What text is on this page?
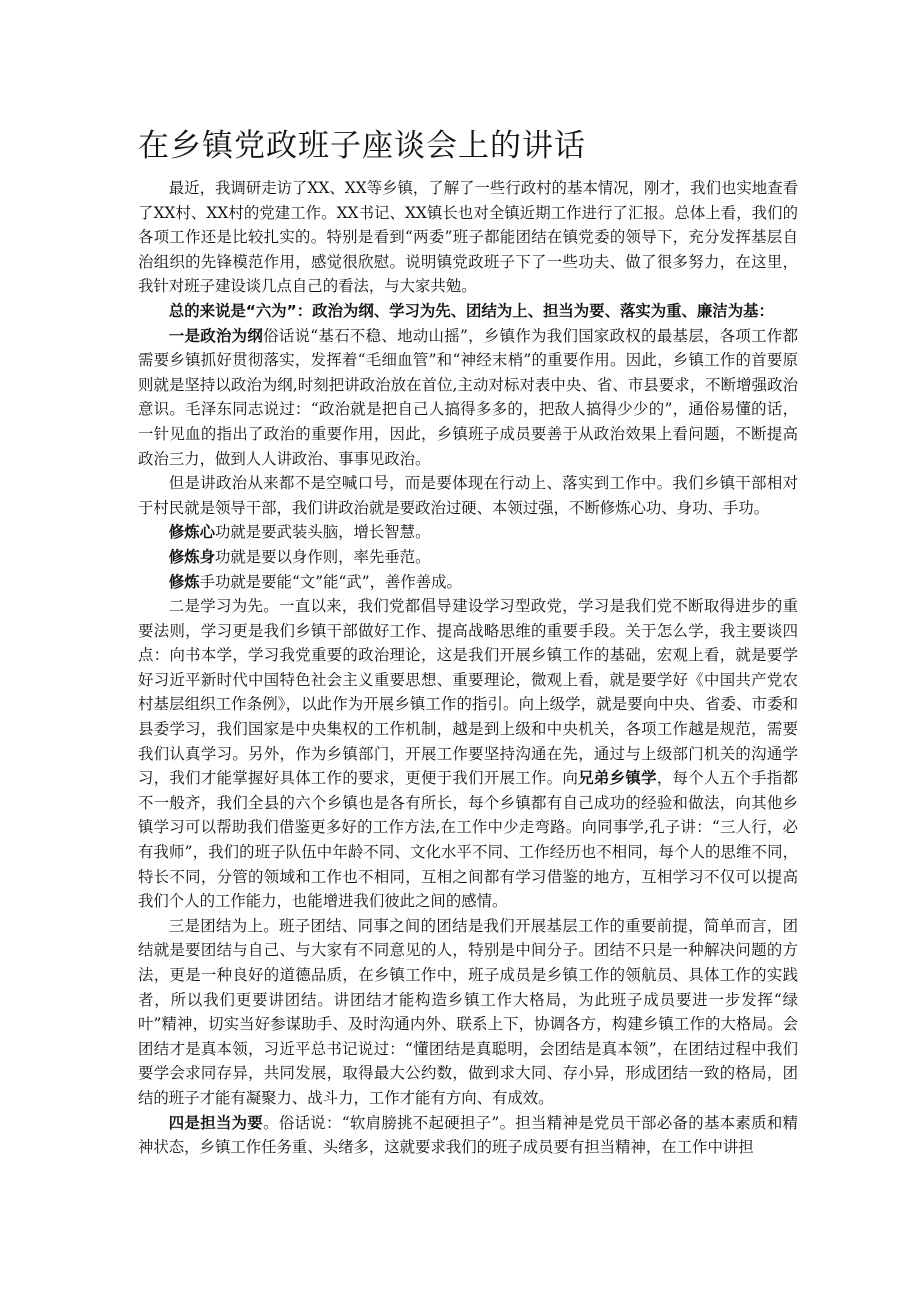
在乡镇党政班子座谈会上的讲话

最近，我调研走访了XX、XX等乡镇，了解了一些行政村的基本情况，刚才，我们也实地查看了XX村、XX村的党建工作。XX书记、XX镇长也对全镇近期工作进行了汇报。总体上看，我们的各项工作还是比较扎实的。特别是看到“两委”班子都能团结在镇党委的领导下，充分发挥基层自治组织的先锋模范作用，感觉很欣慰。说明镇党政班子下了一些功夫、做了很多努力，在这里，我针对班子建设谈几点自己的看法，与大家共勉。

总的来说是“六为”：政治为纲、学习为先、团结为上、担当为要、落实为重、廉洁为基：

一是政治为纲俗话说“基石不稳、地动山摇”，乡镇作为我们国家政权的最基层，各项工作都需要乡镇抓好贯彻落实，发挥着“毛细血管”和“神经末梢”的重要作用。因此，乡镇工作的首要原则就是坚持以政治为纲,时刻把讲政治放在首位,主动对标对表中央、省、市县要求，不断增强政治意识。毛泽东同志说过：“政治就是把自己人搞得多多的，把敌人搞得少少的”，通俗易懂的话，一针见血的指出了政治的重要作用，因此，乡镇班子成员要善于从政治效果上看问题，不断提高政治三力，做到人人讲政治、事事见政治。

但是讲政治从来都不是空喊口号，而是要体现在行动上、落实到工作中。我们乡镇干部相对于村民就是领导干部，我们讲政治就是要政治过硬、本领过强，不断修炼心功、身功、手功。

修炼心功就是要武装头脑，增长智慧。

修炼身功就是要以身作则，率先垂范。

修炼手功就是要能“文”能“武”，善作善成。

二是学习为先。一直以来，我们党都倡导建设学习型政党，学习是我们党不断取得进步的重要法则，学习更是我们乡镇干部做好工作、提高战略思维的重要手段。关于怎么学，我主要谈四点：向书本学，学习我党重要的政治理论，这是我们开展乡镇工作的基础，宏观上看，就是要学好习近平新时代中国特色社会主义重要思想、重要理论，微观上看，就是要学好《中国共产党农村基层组织工作条例》，以此作为开展乡镇工作的指引。向上级学，就是要向中央、省委、市委和县委学习，我们国家是中央集权的工作机制，越是到上级和中央机关，各项工作越是规范，需要我们认真学习。另外，作为乡镇部门，开展工作要坚持沟通在先，通过与上级部门机关的沟通学习，我们才能掌握好具体工作的要求，更便于我们开展工作。向兄弟乡镇学，每个人五个手指都不一般齐，我们全县的六个乡镇也是各有所长，每个乡镇都有自己成功的经验和做法，向其他乡镇学习可以帮助我们借鉴更多好的工作方法,在工作中少走弯路。向同事学,孔子讲：“三人行，必有我师”，我们的班子队伍中年龄不同、文化水平不同、工作经历也不相同，每个人的思维不同，特长不同，分管的领域和工作也不相同，互相之间都有学习借鉴的地方，互相学习不仅可以提高我们个人的工作能力，也能增进我们彼此之间的感情。

三是团结为上。班子团结、同事之间的团结是我们开展基层工作的重要前提，简单而言，团结就是要团结与自己、与大家有不同意见的人，特别是中间分子。团结不只是一种解决问题的方法，更是一种良好的道德品质，在乡镇工作中，班子成员是乡镇工作的领航员、具体工作的实践者，所以我们更要讲团结。讲团结才能构造乡镇工作大格局，为此班子成员要进一步发挥“绿叶”精神，切实当好参谋助手、及时沟通内外、联系上下，协调各方，构建乡镇工作的大格局。会团结才是真本领，习近平总书记说过：“懂团结是真聪明，会团结是真本领”，在团结过程中我们要学会求同存异，共同发展，取得最大公约数，做到求大同、存小异，形成团结一致的格局，团结的班子才能有凝聚力、战斗力，工作才能有方向、有成效。

四是担当为要。俗话说：“软肩膀挑不起硬担子”。担当精神是党员干部必备的基本素质和精神状态，乡镇工作任务重、头绪多，这就要求我们的班子成员要有担当精神，在工作中讲担
